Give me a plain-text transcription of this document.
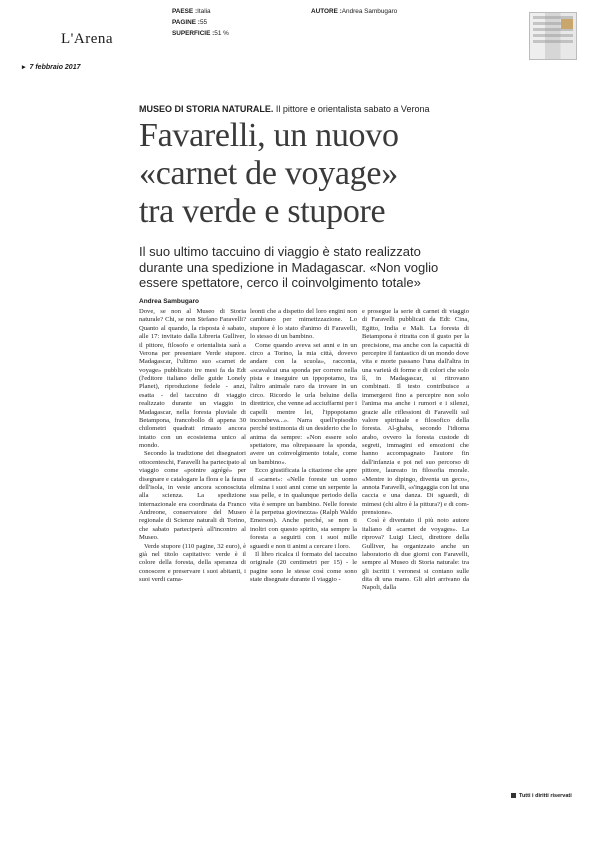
L'Arena
PAESE :Italia
PAGINE :55
SUPERFICIE :51 %
AUTORE :Andrea Sambugaro
▸ 7 febbraio 2017
MUSEO DI STORIA NATURALE. Il pittore e orientalista sabato a Verona
Favarelli, un nuovo
«carnet de voyage»
tra verde e stupore
Il suo ultimo taccuino di viaggio è stato realizzato durante una spedizione in Madagascar. «Non voglio essere spettatore, cerco il coinvolgimento totale»
Andrea Sambugaro

Dove, se non al Museo di Storia naturale? Chi, se non Stefano Faravelli? Quanto al quando, la risposta è sabato, alle 17: invitato dalla Libreria Gulliver, il pittore, filosofo e orientalista sarà a Verona per presentare Verde stupore. Madagascar, l'ultimo suo «carnet de voyage» pubblicato tre mesi fa da Edt (l'editore italiano delle guide Lonely Planet), riproduzione fedele - anzi, esatta - del taccuino di viaggio realizzato durante un viaggio in Madagascar, nella foresta pluviale di Betampona, francobollo di appena 30 chilometri quadrati rimasto ancora intatto con un ecosistema unico al mondo.

Secondo la tradizione dei disegnatori ottocenteschi, Faravelli ha partecipato al viaggio come «pointre agrégé» per disegnare e catalogare la flora e la fauna dell'isola, in veste ancora sconosciuta alla scienza. La spedizione internazionale era coordinata da Franco Andreone, conservatore del Museo regionale di Scienze naturali di Torino, che sabato parteciperà all'incontro al Museo.

Verde stupore (110 pagine, 32 euro), è già nel titolo capitativo: verde è il colore della foresta, della speranza di conoscere e preservare i suoi abitanti, i suoi verdi cama-

leonti che a dispetto del loro engini non cambiano per mimetizzazione. Lo stupore è lo stato d'animo di Faravelli, lo stesso di un bambino.

Come quando aveva sei anni e in un circo a Torino, la mia città, dovevo andare con la scuola», racconta, «scavalcai una sponda per correre nella pista e inseguire un ippopotamo, tra l'altro animale raro da trovare in un circo. Ricordo le urla beluine della direttrice, che venne ad acciuffarmi per i capelli mentre lei, l'ippopotamo incombeva...». Narra quell'episodio perché testimonia di un desiderio che lo anima da sempre: «Non essere solo spettatore, ma oltrepassare la sponda, avere un coinvolgimento totale, come un bambino».

Ecco giustificata la citazione che apre il «carnet»: «Nelle foreste un uomo elimina i suoi anni come un serpente la sua pelle, e in qualunque periodo della vita è sempre un bambino. Nelle foreste è la perpetua giovinezza» (Ralph Waldo Emerson). Anche perché, se non ti inoltri con questo spirito, sta sempre la foresta a seguirti con i suoi mille sguardi e non ti animi a cercare i loro.

Il libro ricalca il formato del taccuino originale (20 centimetri per 15) - le pagine sono le stesse così come sono state disegnate durante il viaggio -

e prosegue la serie di carnet di viaggio di Faravelli pubblicati da Edt: Cina, Egitto, India e Mali. La foresta di Betampona è ritratta con il gusto per la precisione, ma anche con la capacità di percepire il fantastico di un mondo dove vita e morte passano l'una dall'altra in una varietà di forme e di colori che solo lì, in Madagascar, si ritrovano combinati. Il testo contribuisce a immergersi fino a percepire non solo l'anima ma anche i rumori e i silenzi, grazie alle riflessioni di Faravelli sul valore spirituale e filosofico della foresta. Al-ghaba, secondo l'idioma arabo, ovvero la foresta custode di segreti, immagini ed emozioni che hanno accompagnato l'autore fin dall'infanzia e poi nel suo percorso di pittore, laureato in filosofia morale. «Mentre io dipingo, diventa un geco», annota Faravelli, «s'ingaggia con lui una caccia e una danza. Di sguardi, di mimesi (chi altro è la pittura?) e di com-prensione».

Così è diventato il più noto autore italiano di «carnet de voyages». La riprova? Luigi Lieci, direttore della Gulliver, ha organizzato anche un laboratorio di due giorni con Faravelli, sempre al Museo di Storia naturale: tra gli iscritti i veronesi si contano sulle dita di una mano. Gli altri arrivano da Napoli, dalla

Tutti i diritti riservati
